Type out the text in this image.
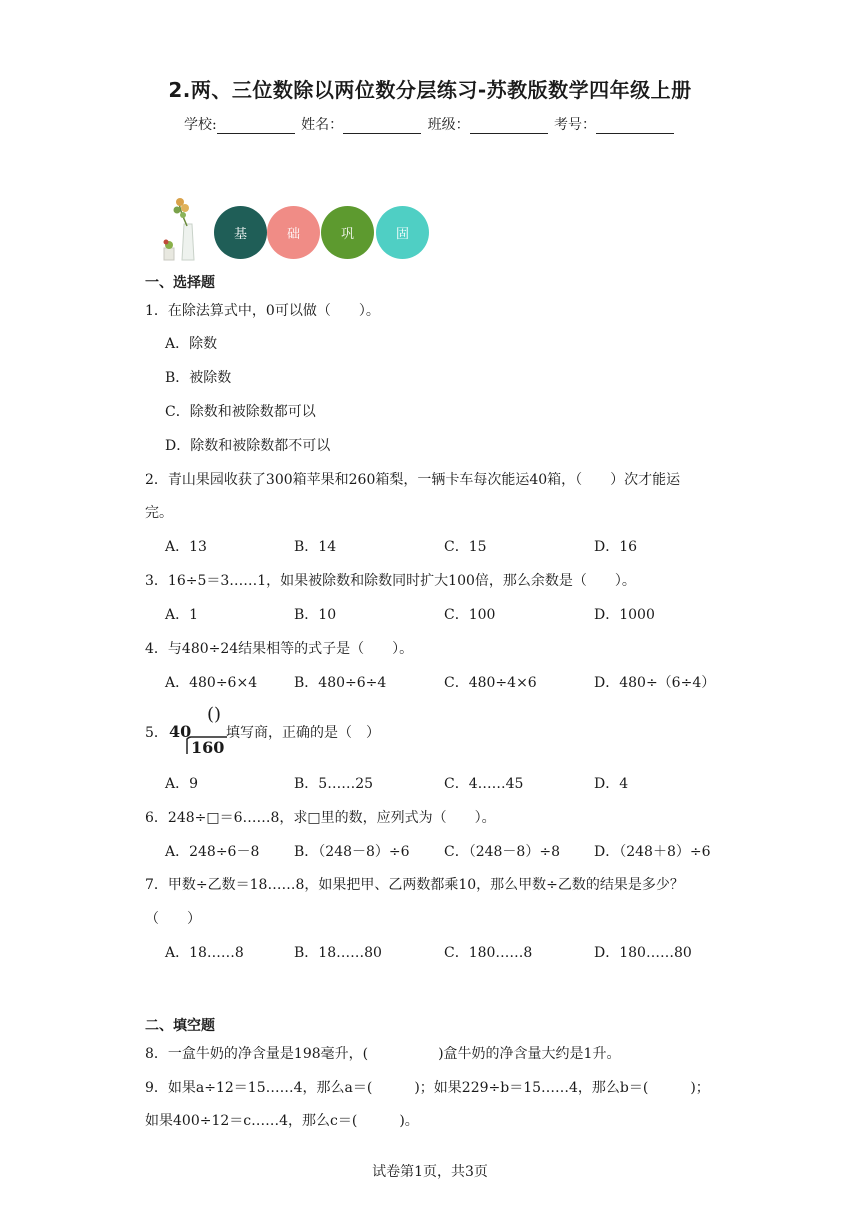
2.两、三位数除以两位数分层练习-苏教版数学四年级上册
学校:	姓名：	班级：	考号：
基	础	巩	固
一、选择题
1．在除法算式中，0可以做（　　）。
A．除数
B．被除数
C．除数和被除数都可以
D．除数和被除数都不可以
2．青山果园收获了300箱苹果和260箱梨，一辆卡车每次能运40箱，（　　）次才能运
完。
A．13	B．14	C．15	D．16
3．16÷5＝3……1，如果被除数和除数同时扩大100倍，那么余数是（　　）。
A．1	B．10	C．100	D．1000
4．与480÷24结果相等的式子是（　　）。
A．480÷6×4	B．480÷6÷4	C．480÷4×6	D．480÷（6÷4）
5． 40
()
160
填写商，正确的是（　）
A．9	B．5……25	C．4……45	D．4
6．248÷□＝6……8，求□里的数，应列式为（　　）。
A．248÷6－8 B．（248－8）÷6 C．（248－8）÷8 D．（248＋8）÷6
7．甲数÷乙数＝18……8，如果把甲、乙两数都乘10，那么甲数÷乙数的结果是多少？
（　　）
A．18……8	B．18……80	C．180……8	D．180……80
二、填空题
8．一盒牛奶的净含量是198毫升，(　　　　　)盒牛奶的净含量大约是1升。
9．如果a÷12＝15……4，那么a＝(　　　)；如果229÷b＝15……4，那么b＝(　　　)；
如果400÷12＝c……4，那么c＝(　　　)。
试卷第1页，共3页
